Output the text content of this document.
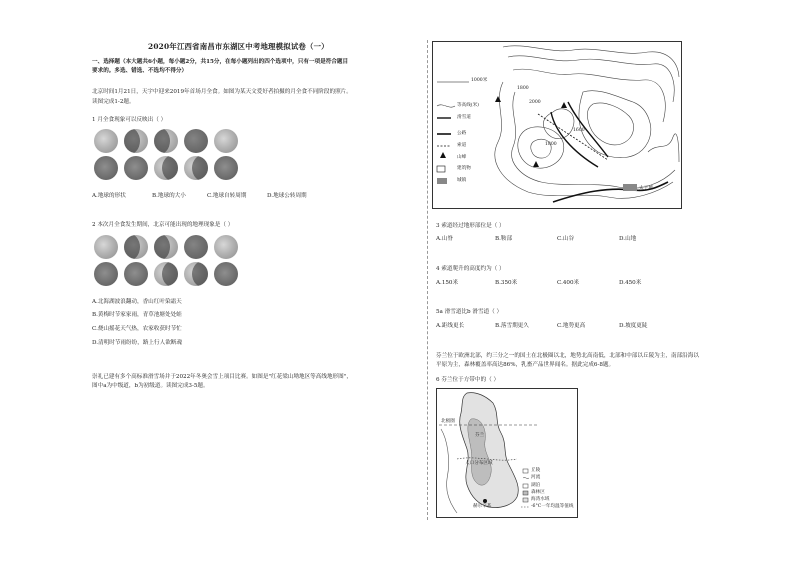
2020年江西省南昌市东湖区中考地理模拟试卷（一）
一、选择题（本大题共6小题，每小题2分，共15分，在每小题列出的四个选项中，只有一项是符合题目
要求的。多选、错选、不选均不得分）
北京时间1月21日，天宇中迎来2019年首场月全食。如图为某天文爱好者拍摄的月全食不同阶段的照片。
读图完成1-2题。
1 月全食现象可以反映出（ ）
A.地球的形状	B.地球的大小	C.地球自转周期	D.地球公转周期
2 本次月全食发生期间，北京可能出现的地理现象是（ ）
A.北海湖波浪翻动，香山红叶染霜天
B.黄梅时节家家雨，青草池塘处处蛙
C.烧山摇花天气热，农家收获时节忙
D.清明时节雨纷纷，路上行人欲断魂
崇礼已建有多个高标准滑雪场并于2022年冬奥会雪上项目比赛。如图是"红花梁山坳地区等高线地形图"，
图中a为中级道，b为初级道。读图完成3-5题。
1000米
等高线(米)
滑雪道
公路
索道
山峰
建筑物
城镇
1800
2000
1600
1800
太子城
3 索道经过地形部位是（ ）
A.山脊	B.鞍部	C.山谷	D.山地
4 索道爬升的高度约为（ ）
A.150米	B.350米	C.400米	D.450米
5a 滑雪道比b 滑雪道（ ）
A.距线更长	B.落雪期更久	C.地势更高	D.坡度更陡
芬兰位于欧洲北部，约三分之一的国土在北极圈以北，地势北高南低，北部和中部以丘陵为主，南部沿海以
平原为主，森林覆盖率高达86%，乳畜产品世界闻名。据此完成6-8题。
6 芬兰位于方带中的（ ）
北极圈
芬兰
人口分布区域
赫尔辛基
丘陵
河流
湖泊
森林区
海湾水域
-6°C一年均温等值线
